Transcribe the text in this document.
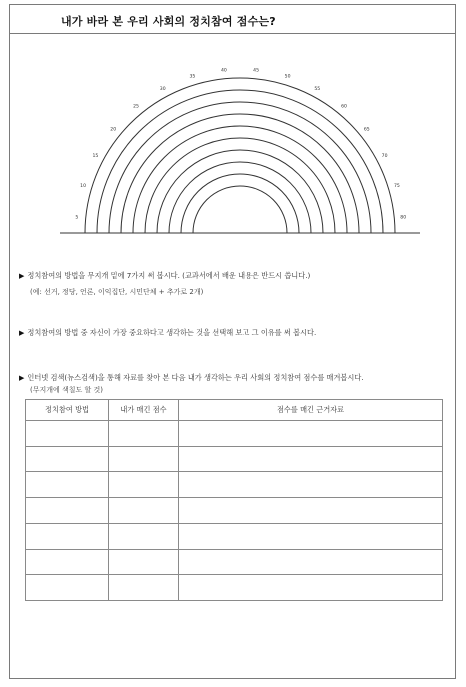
내가 바라 본 우리 사회의 정치참여 점수는?
5
10
15
20
25
30
35
40	45
50
55
60
65
70
75
80
▶ 정치참여의 방법을 무지개 밑에 7가지 써 봅시다. (교과서에서 배운 내용은 반드시 씁니다.)
(예: 선거, 정당, 언론, 이익집단, 시민단체 + 추가로 2개)
▶ 정치참여의 방법 중 자신이 가장 중요하다고 생각하는 것을 선택해 보고 그 이유를 써 봅시다.
▶ 인터넷 검색(뉴스검색)을 통해 자료를 찾아 본 다음 내가 생각하는 우리 사회의 정치참여 점수를 매겨봅시다.
(무지개에 색칠도 할 것)
정치참여 방법	내가 매긴 점수	점수를 매긴 근거자료
